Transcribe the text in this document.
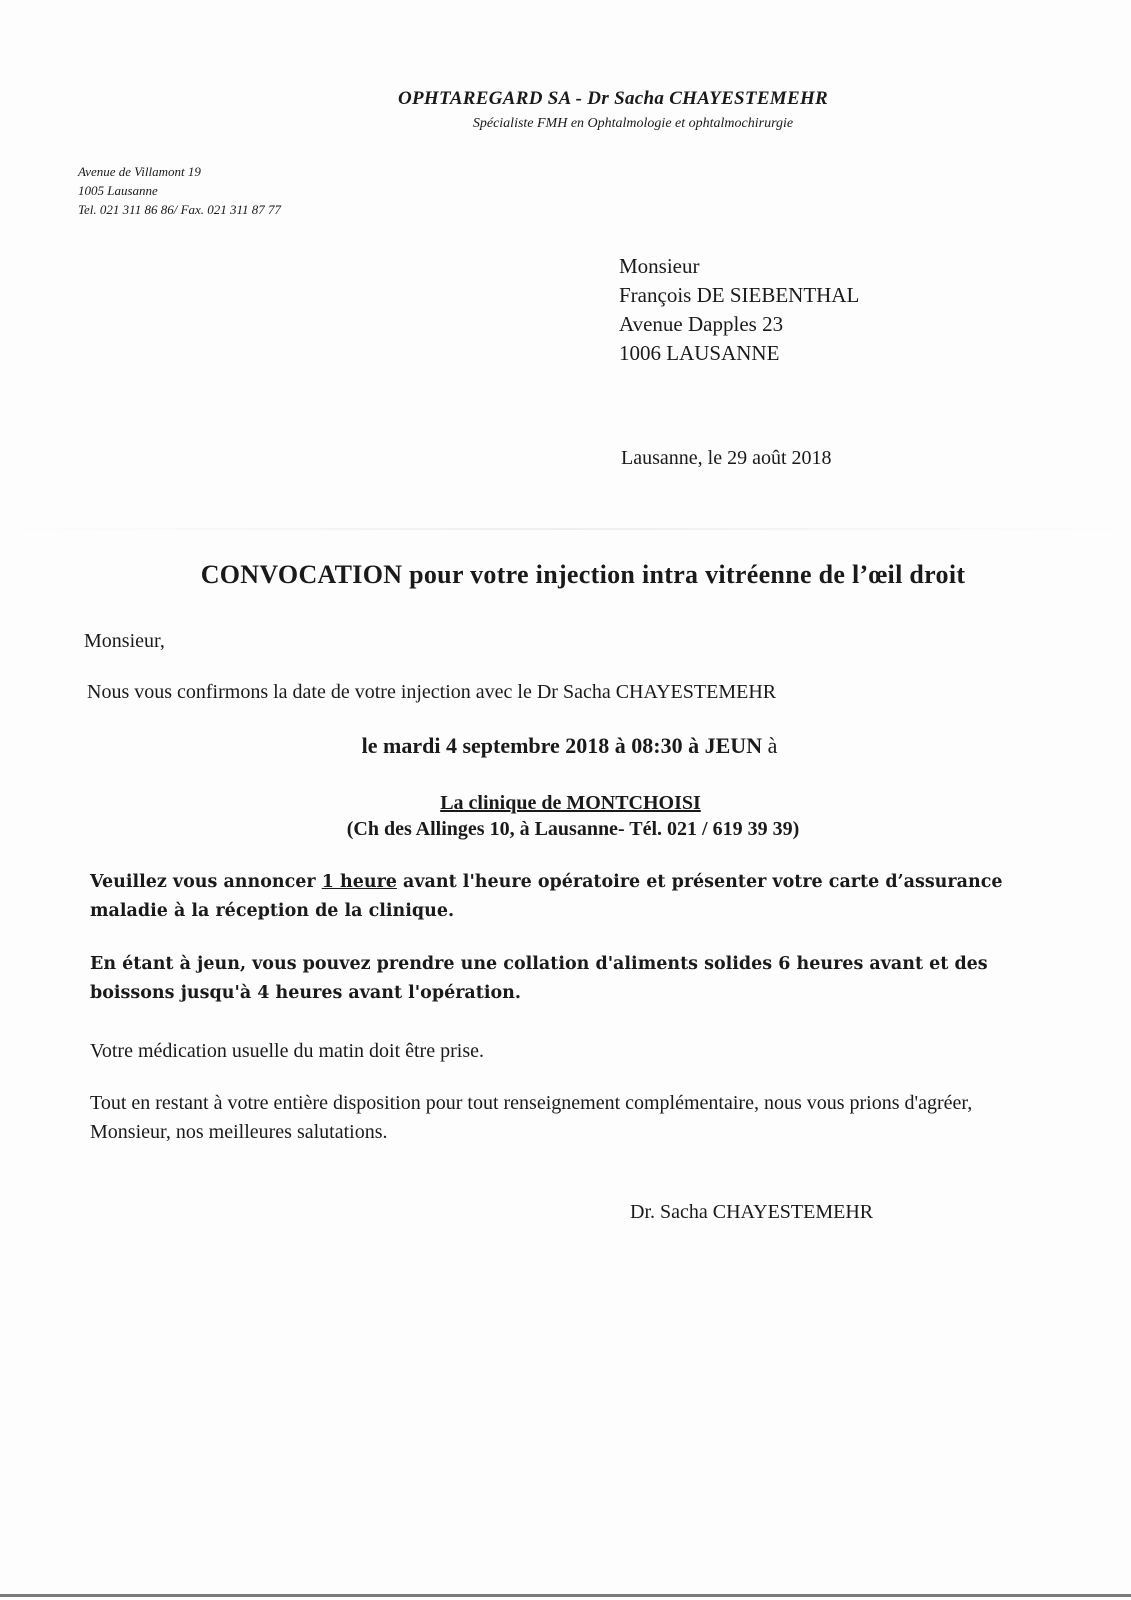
OPHTAREGARD SA - Dr Sacha CHAYESTEMEHR
Spécialiste FMH en Ophtalmologie et ophtalmochirurgie
Avenue de Villamont 19
1005 Lausanne
Tel. 021 311 86 86/ Fax. 021 311 87 77
Monsieur
François DE SIEBENTHAL
Avenue Dapples 23
1006 LAUSANNE
Lausanne, le 29 août 2018
CONVOCATION pour votre injection intra vitréenne de l’œil droit
Monsieur,
Nous vous confirmons la date de votre injection avec le Dr Sacha CHAYESTEMEHR
le mardi 4 septembre 2018 à 08:30 à JEUN à
La clinique de MONTCHOISI
(Ch des Allinges 10, à Lausanne- Tél. 021 / 619 39 39)
Veuillez vous annoncer 1 heure avant l'heure opératoire et présenter votre carte d’assurance maladie à la réception de la clinique.
En étant à jeun, vous pouvez prendre une collation d'aliments solides 6 heures avant et des boissons jusqu'à 4 heures avant l'opération.
Votre médication usuelle du matin doit être prise.
Tout en restant à votre entière disposition pour tout renseignement complémentaire, nous vous prions d'agréer, Monsieur, nos meilleures salutations.
Dr. Sacha CHAYESTEMEHR
